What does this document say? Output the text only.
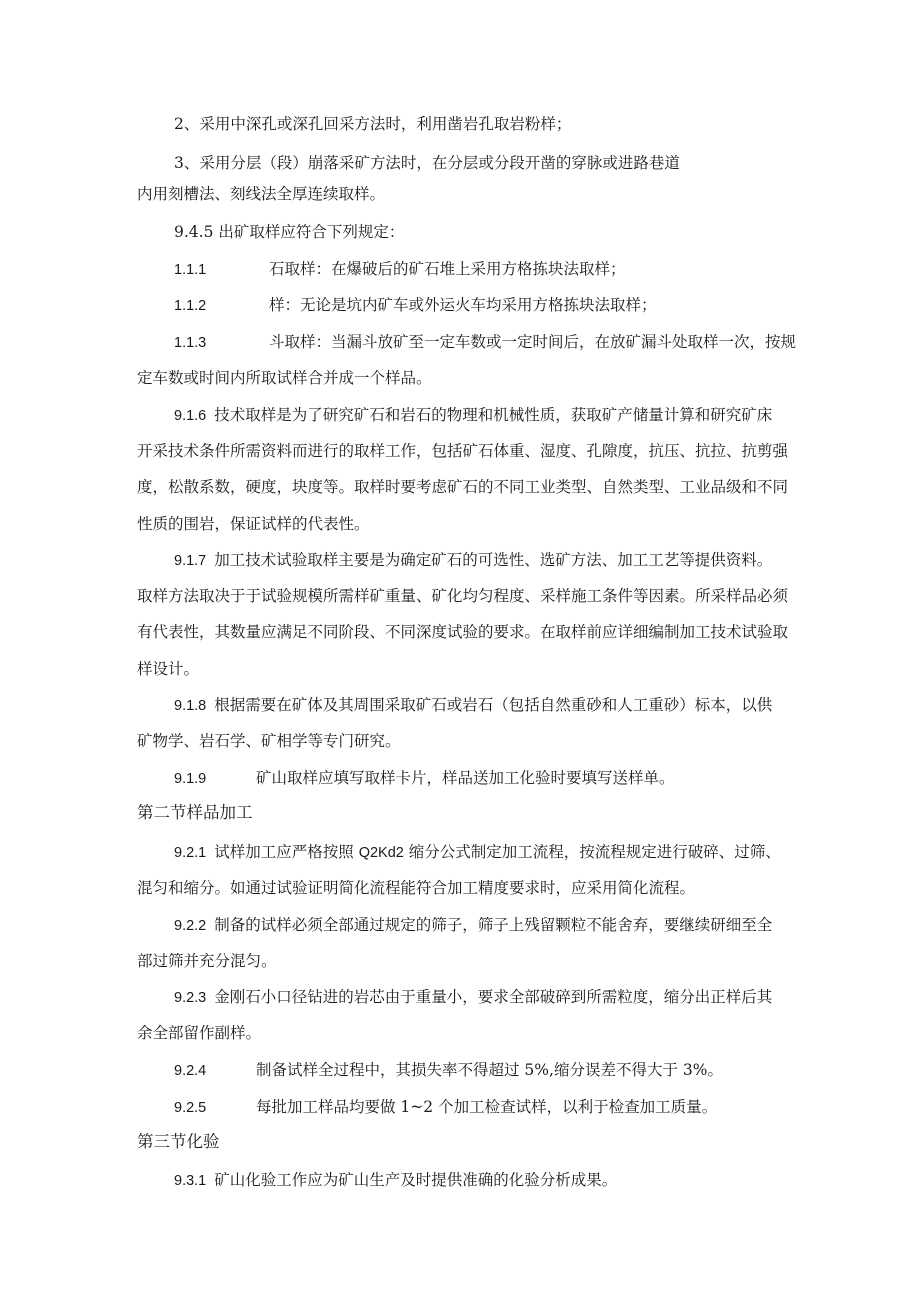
2、采用中深孔或深孔回采方法时，利用凿岩孔取岩粉样；
3、采用分层（段）崩落采矿方法时，在分层或分段开凿的穿脉或进路巷道
内用刻槽法、刻线法全厚连续取样。
9.4.5 出矿取样应符合下列规定：
1.1.1	石取样：在爆破后的矿石堆上采用方格拣块法取样；
1.1.2	样：无论是坑内矿车或外运火车均采用方格拣块法取样；
1.1.3	斗取样：当漏斗放矿至一定车数或一定时间后，在放矿漏斗处取样一次，按规
定车数或时间内所取试样合并成一个样品。
9.1.6 技术取样是为了研究矿石和岩石的物理和机械性质，获取矿产储量计算和研究矿床
开采技术条件所需资料而进行的取样工作，包括矿石体重、湿度、孔隙度，抗压、抗拉、抗剪强
度，松散系数，硬度，块度等。取样时要考虑矿石的不同工业类型、自然类型、工业品级和不同
性质的围岩，保证试样的代表性。
9.1.7 加工技术试验取样主要是为确定矿石的可选性、选矿方法、加工工艺等提供资料。
取样方法取决于于试验规模所需样矿重量、矿化均匀程度、采样施工条件等因素。所采样品必须
有代表性，其数量应满足不同阶段、不同深度试验的要求。在取样前应详细编制加工技术试验取
样设计。
9.1.8 根据需要在矿体及其周围采取矿石或岩石（包括自然重砂和人工重砂）标本，以供
矿物学、岩石学、矿相学等专门研究。
9.1.9	矿山取样应填写取样卡片，样品送加工化验时要填写送样单。
第二节样品加工
9.2.1 试样加工应严格按照 Q2Kd2 缩分公式制定加工流程，按流程规定进行破碎、过筛、
混匀和缩分。如通过试验证明简化流程能符合加工精度要求时，应采用简化流程。
9.2.2 制备的试样必须全部通过规定的筛子，筛子上残留颗粒不能舍弃，要继续研细至全
部过筛并充分混匀。
9.2.3 金刚石小口径钻进的岩芯由于重量小，要求全部破碎到所需粒度，缩分出正样后其
余全部留作副样。
9.2.4	制备试样全过程中，其损失率不得超过 5%,缩分误差不得大于 3%。
9.2.5	每批加工样品均要做 1~2 个加工检查试样，以利于检查加工质量。
第三节化验
9.3.1 矿山化验工作应为矿山生产及时提供准确的化验分析成果。
